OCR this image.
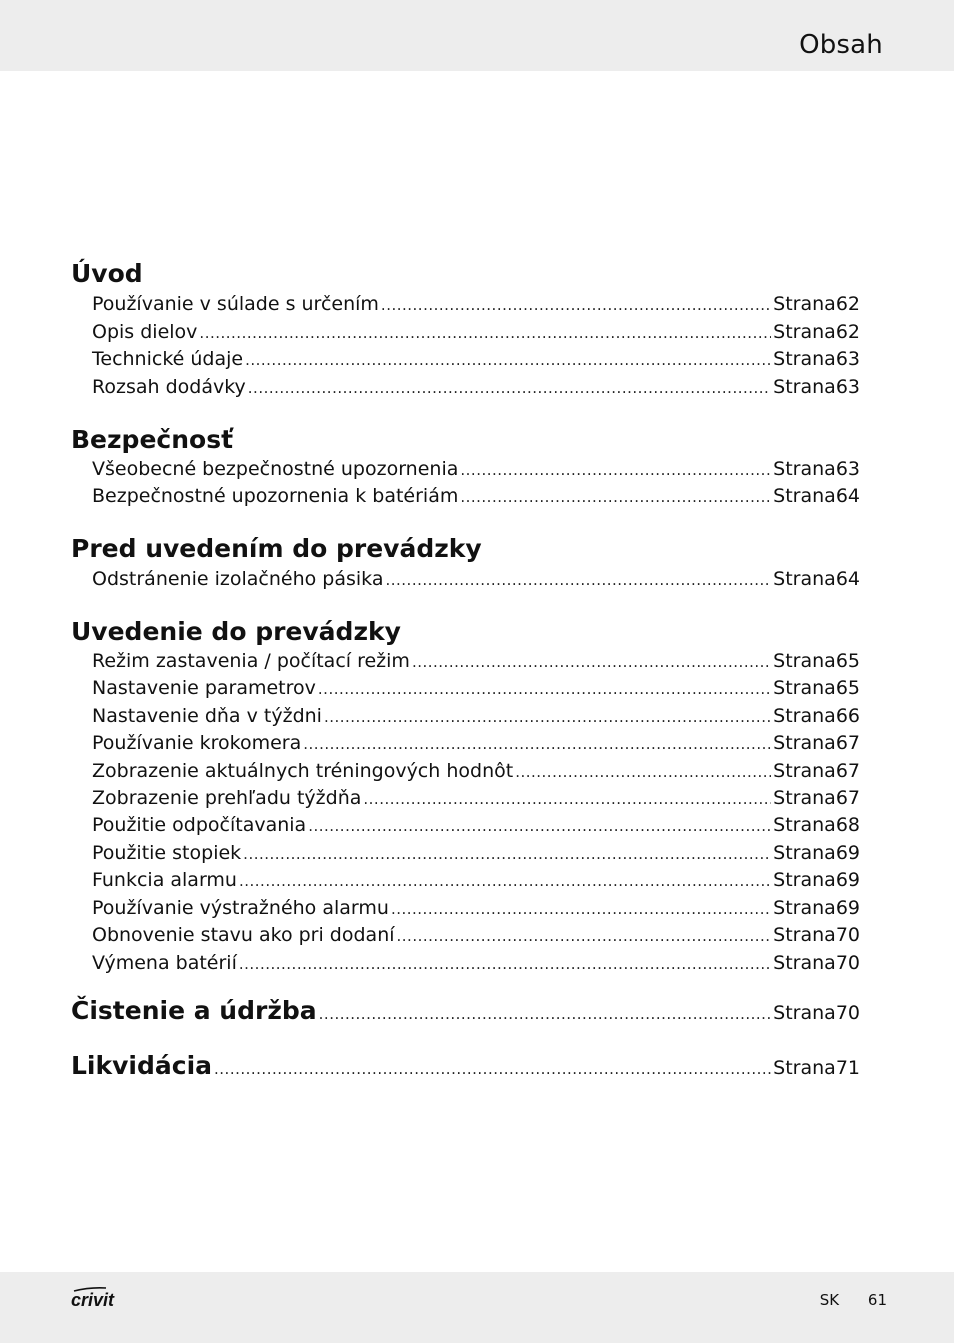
Obsah
Úvod
Používanie v súlade s určením .....	Strana 62
Opis dielov .....	Strana 62
Technické údaje .....	Strana 63
Rozsah dodávky .....	Strana 63
Bezpečnosť
Všeobecné bezpečnostné upozornenia .....	Strana 63
Bezpečnostné upozornenia k batériám .....	Strana 64
Pred uvedením do prevádzky
Odstránenie izolačného pásika .....	Strana 64
Uvedenie do prevádzky
Režim zastavenia / počítací režim .....	Strana 65
Nastavenie parametrov .....	Strana 65
Nastavenie dňa v týždni .....	Strana 66
Používanie krokomera .....	Strana 67
Zobrazenie aktuálnych tréningových hodnôt .....	Strana 67
Zobrazenie prehľadu týždňa .....	Strana 67
Použitie odpočítavania .....	Strana 68
Použitie stopiek .....	Strana 69
Funkcia alarmu .....	Strana 69
Používanie výstražného alarmu .....	Strana 69
Obnovenie stavu ako pri dodaní .....	Strana 70
Výmena batérií .....	Strana 70
Čistenie a údržba .....	Strana 70
Likvidácia .....	Strana 71
crivit	SK 61
